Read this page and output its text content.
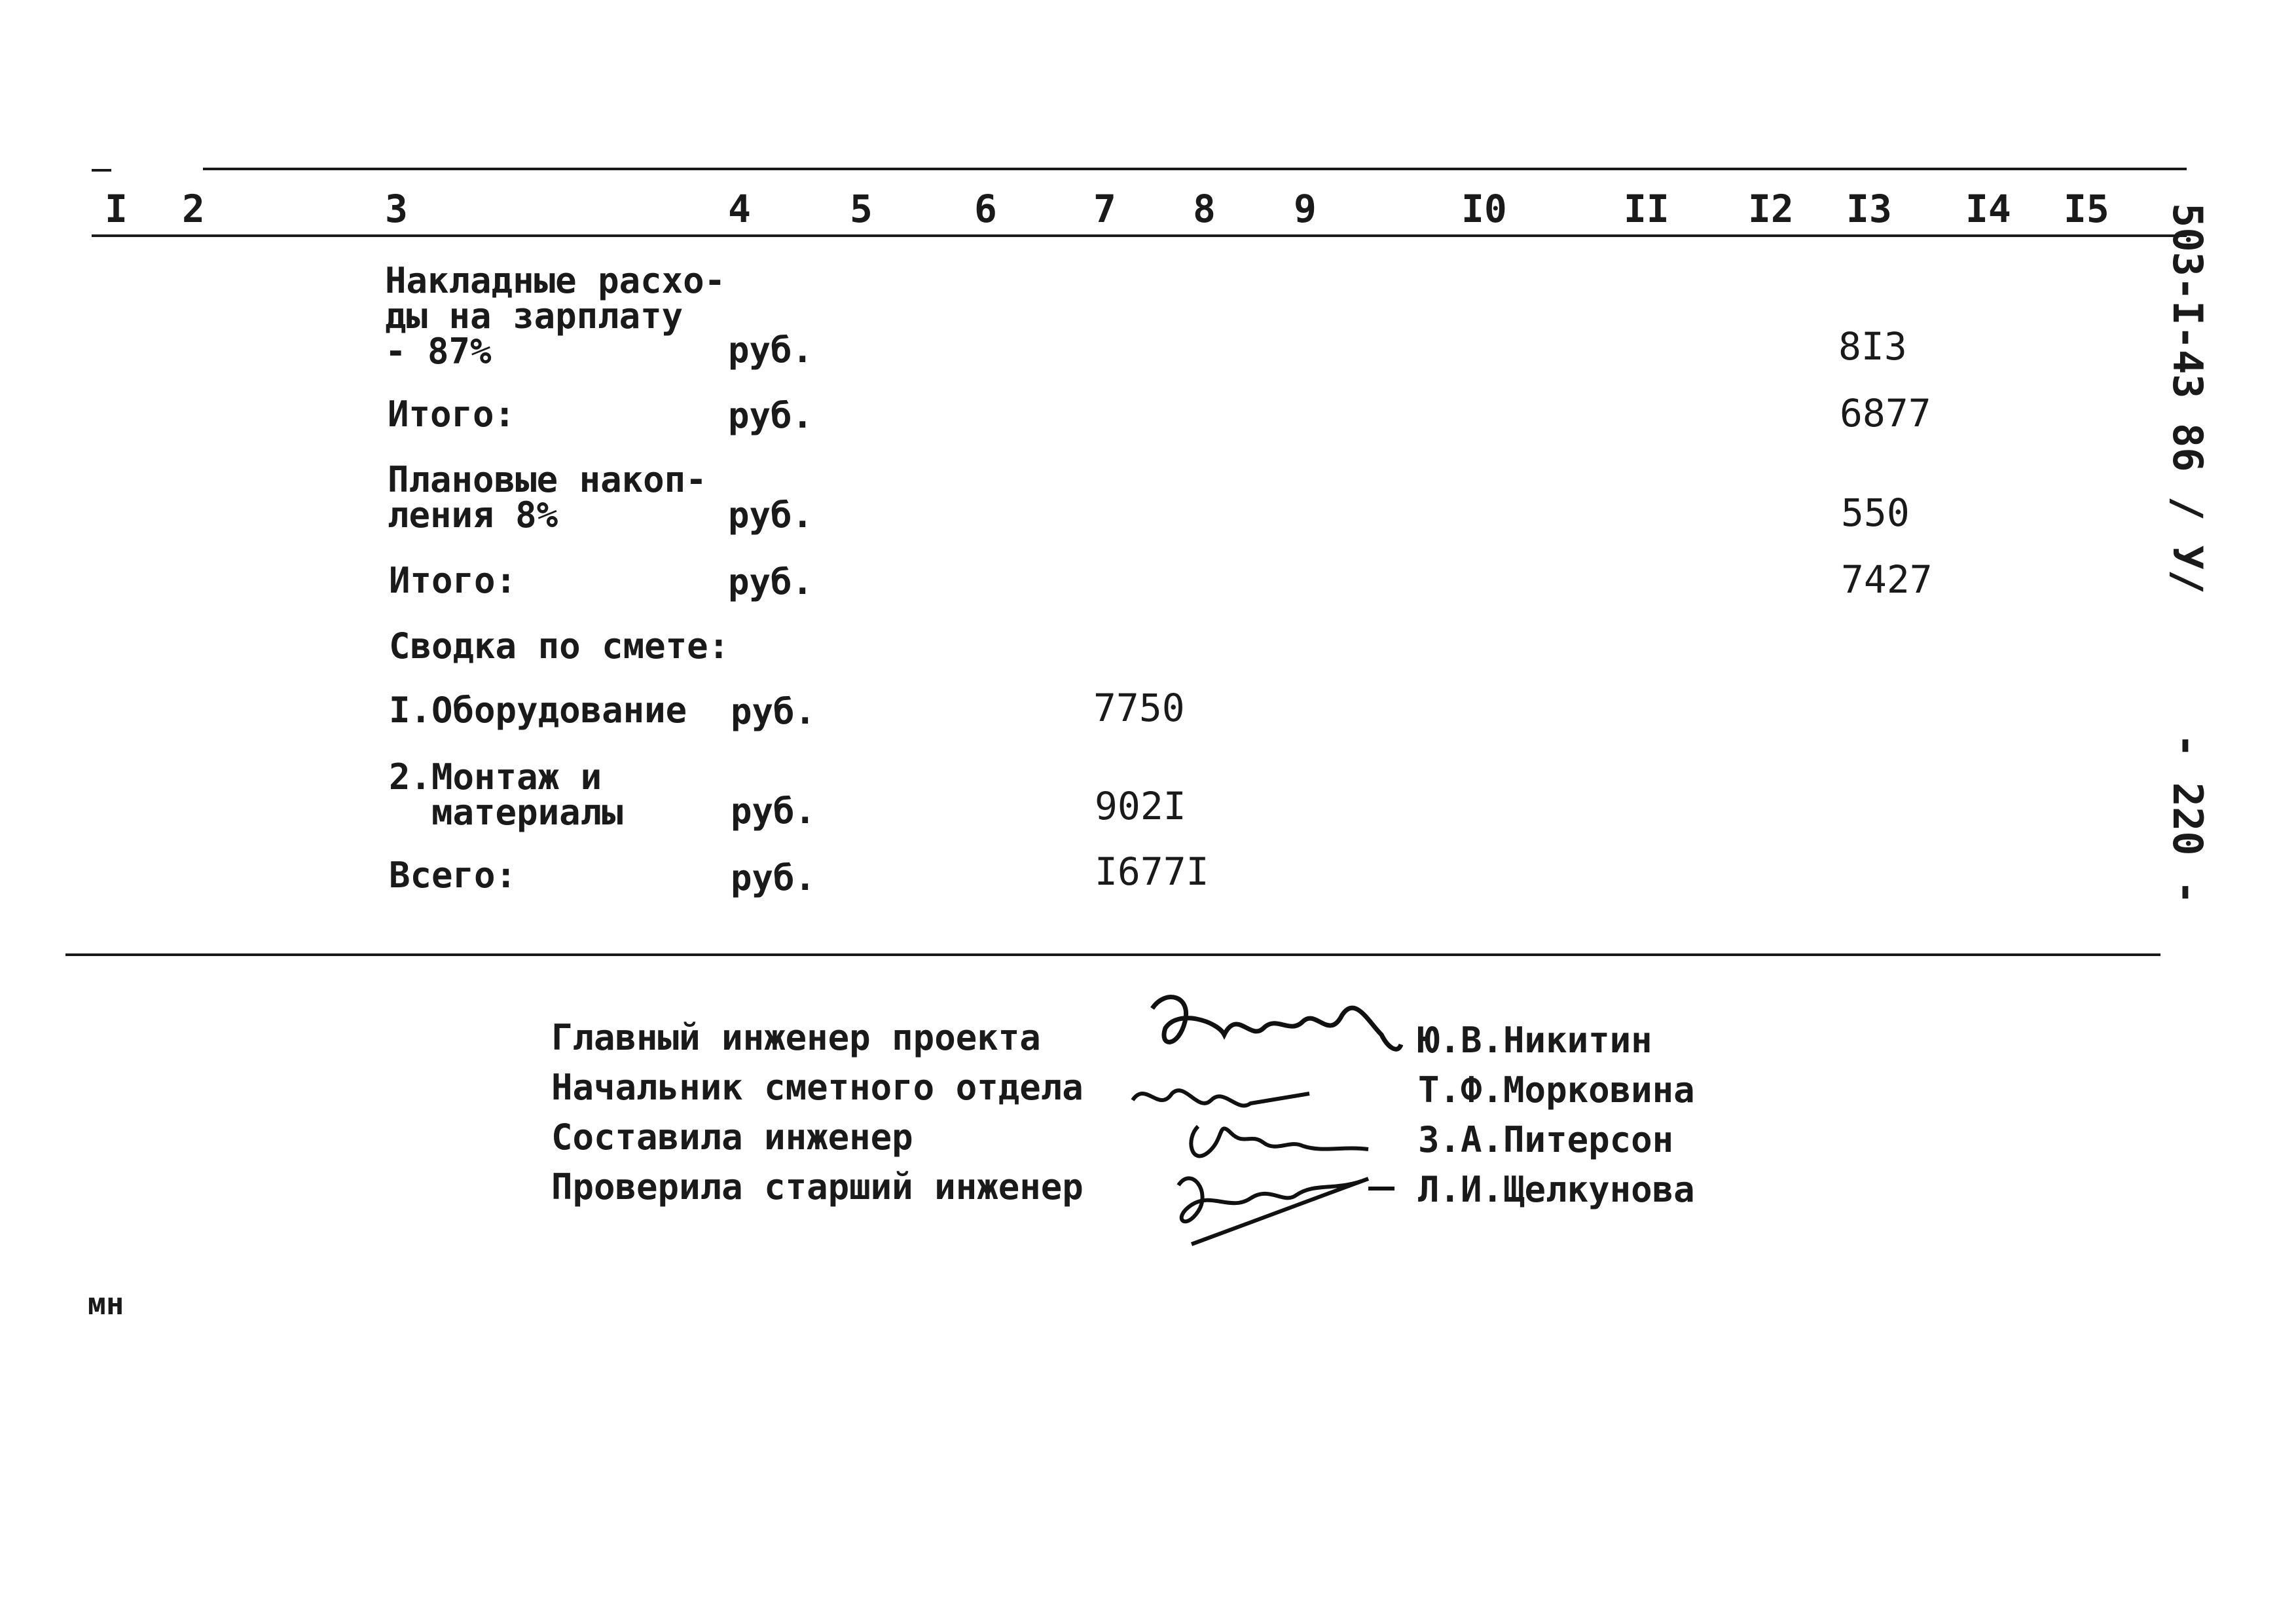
I 2	3	4	5	6	7 8 9	I0	II I2 I3 I4 I5
Накладные расхо-
ды на зарплату
- 87%	руб.	8I3
Итого:	руб.	6877
Плановые накоп-
ления 8%	руб.	550
Итого:	руб.	7427
Сводка по смете:
I.Оборудование руб.	7750
2.Монтаж и
материалы	руб.	902I
Всего:	руб.	I677I
503-I-43 86 / У/
- 220 -
Главный инженер проекта
Начальник сметного отдела
Составила инженер
Проверила старший инженер
Ю.В.Никитин
Т.Ф.Морковина
З.А.Питерсон
Л.И.Щелкунова
мн
